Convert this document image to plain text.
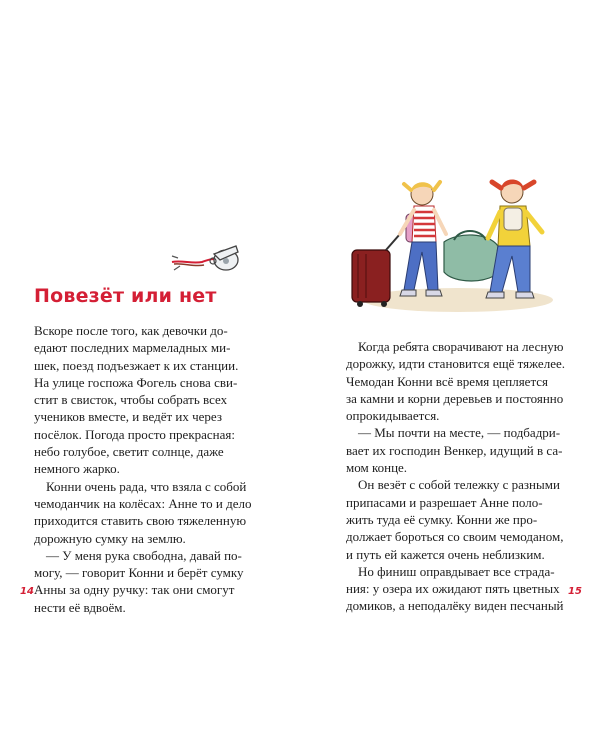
Повезёт или нет
Вскоре после того, как девочки до-
едают последних мармеладных ми-
шек, поезд подъезжает к их станции.
На улице госпожа Фогель снова сви-
стит в свисток, чтобы собрать всех
учеников вместе, и ведёт их через
посёлок. Погода просто прекрасная:
небо голубое, светит солнце, даже
немного жарко.
Конни очень рада, что взяла с собой
чемоданчик на колёсах: Анне то и дело
приходится ставить свою тяжеленную
дорожную сумку на землю.
— У меня рука свободна, давай по-
могу, — говорит Конни и берёт сумку
Анны за одну ручку: так они смогут
нести её вдвоём.
14
Когда ребята сворачивают на лесную
дорожку, идти становится ещё тяжелее.
Чемодан Конни всё время цепляется
за камни и корни деревьев и постоянно
опрокидывается.
— Мы почти на месте, — подбадри-
вает их господин Венкер, идущий в са-
мом конце.
Он везёт с собой тележку с разными
припасами и разрешает Анне поло-
жить туда её сумку. Конни же про-
должает бороться со своим чемоданом,
и путь ей кажется очень неблизким.
Но финиш оправдывает все страда-
ния: у озера их ожидают пять цветных
домиков, а неподалёку виден песчаный
15
